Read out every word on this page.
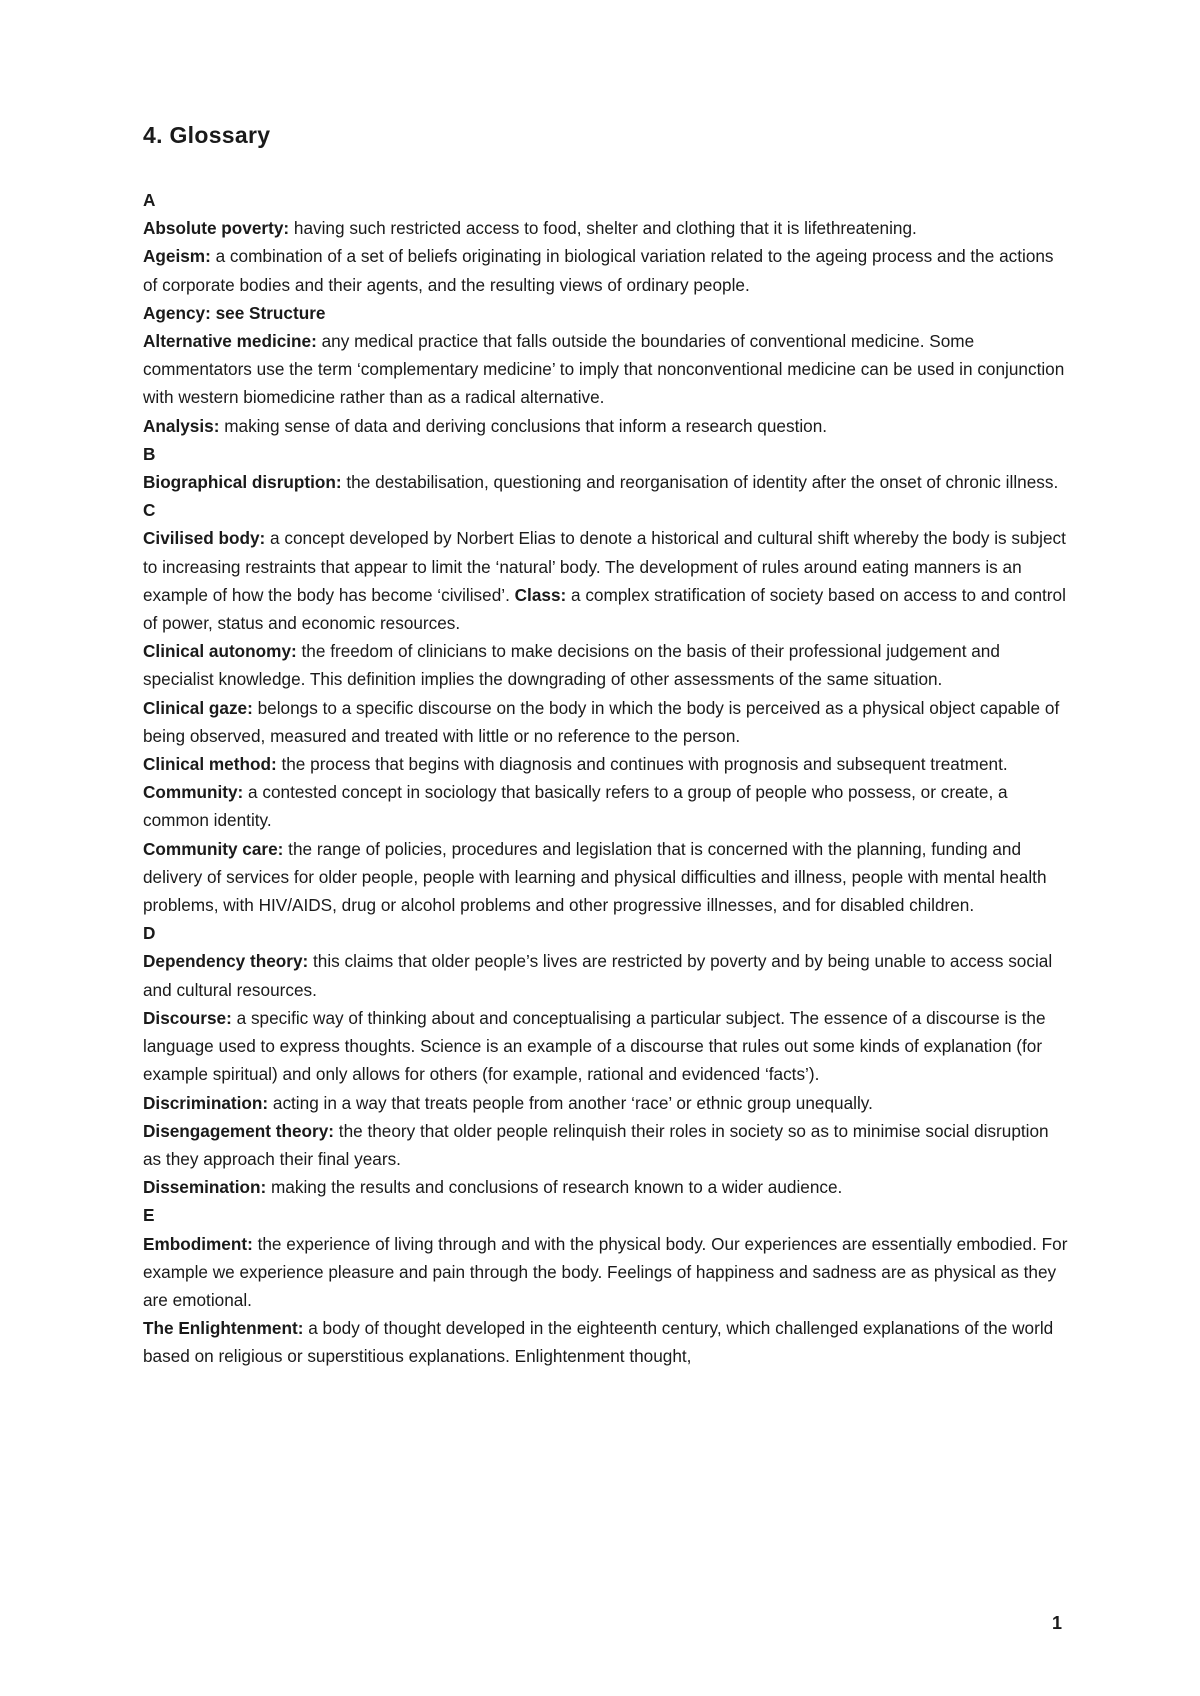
4. Glossary

A

Absolute poverty: having such restricted access to food, shelter and clothing that it is lifethreatening.

Ageism: a combination of a set of beliefs originating in biological variation related to the ageing process and the actions of corporate bodies and their agents, and the resulting views of ordinary people.

Agency: see Structure

Alternative medicine: any medical practice that falls outside the boundaries of conventional medicine. Some commentators use the term ‘complementary medicine’ to imply that nonconventional medicine can be used in conjunction with western biomedicine rather than as a radical alternative.

Analysis: making sense of data and deriving conclusions that inform a research question.

B

Biographical disruption: the destabilisation, questioning and reorganisation of identity after the onset of chronic illness. C

Civilised body: a concept developed by Norbert Elias to denote a historical and cultural shift whereby the body is subject to increasing restraints that appear to limit the ‘natural’ body. The development of rules around eating manners is an example of how the body has become ‘civilised’. Class: a complex stratification of society based on access to and control of power, status and economic resources.

Clinical autonomy: the freedom of clinicians to make decisions on the basis of their professional judgement and specialist knowledge. This definition implies the downgrading of other assessments of the same situation.

Clinical gaze: belongs to a specific discourse on the body in which the body is perceived as a physical object capable of being observed, measured and treated with little or no reference to the person.

Clinical method: the process that begins with diagnosis and continues with prognosis and subsequent treatment.

Community: a contested concept in sociology that basically refers to a group of people who possess, or create, a common identity.

Community care: the range of policies, procedures and legislation that is concerned with the planning, funding and delivery of services for older people, people with learning and physical difficulties and illness, people with mental health problems, with HIV/AIDS, drug or alcohol problems and other progressive illnesses, and for disabled children.

D

Dependency theory: this claims that older people’s lives are restricted by poverty and by being unable to access social and cultural resources.

Discourse: a specific way of thinking about and conceptualising a particular subject. The essence of a discourse is the language used to express thoughts. Science is an example of a discourse that rules out some kinds of explanation (for example spiritual) and only allows for others (for example, rational and evidenced ‘facts’).

Discrimination: acting in a way that treats people from another ‘race’ or ethnic group unequally.

Disengagement theory: the theory that older people relinquish their roles in society so as to minimise social disruption as they approach their final years.

Dissemination: making the results and conclusions of research known to a wider audience.

E

Embodiment: the experience of living through and with the physical body. Our experiences are essentially embodied. For example we experience pleasure and pain through the body. Feelings of happiness and sadness are as physical as they are emotional.

The Enlightenment: a body of thought developed in the eighteenth century, which challenged explanations of the world based on religious or superstitious explanations. Enlightenment thought,

1
